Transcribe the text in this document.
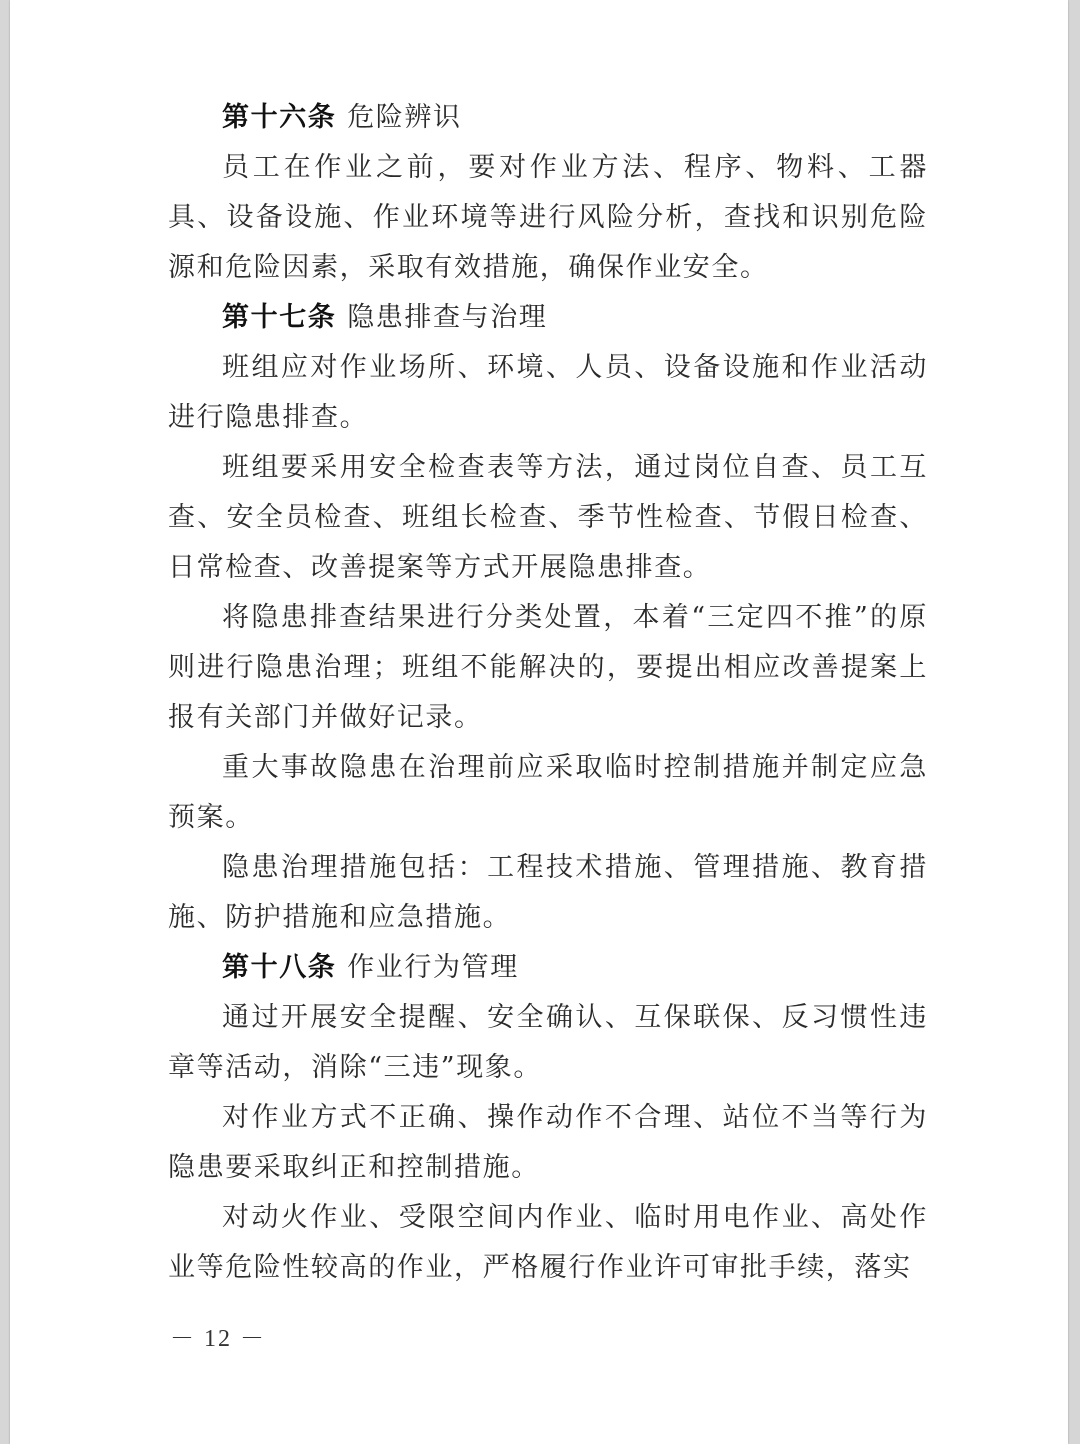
第十六条 危险辨识

员工在作业之前，要对作业方法、程序、物料、工器具、设备设施、作业环境等进行风险分析，查找和识别危险源和危险因素，采取有效措施，确保作业安全。

第十七条 隐患排查与治理

班组应对作业场所、环境、人员、设备设施和作业活动进行隐患排查。

班组要采用安全检查表等方法，通过岗位自查、员工互查、安全员检查、班组长检查、季节性检查、节假日检查、日常检查、改善提案等方式开展隐患排查。

将隐患排查结果进行分类处置，本着“三定四不推”的原则进行隐患治理；班组不能解决的，要提出相应改善提案上报有关部门并做好记录。

重大事故隐患在治理前应采取临时控制措施并制定应急预案。

隐患治理措施包括：工程技术措施、管理措施、教育措施、防护措施和应急措施。

第十八条 作业行为管理

通过开展安全提醒、安全确认、互保联保、反习惯性违章等活动，消除“三违”现象。

对作业方式不正确、操作动作不合理、站位不当等行为隐患要采取纠正和控制措施。

对动火作业、受限空间内作业、临时用电作业、高处作业等危险性较高的作业，严格履行作业许可审批手续，落实

－ 12 －
